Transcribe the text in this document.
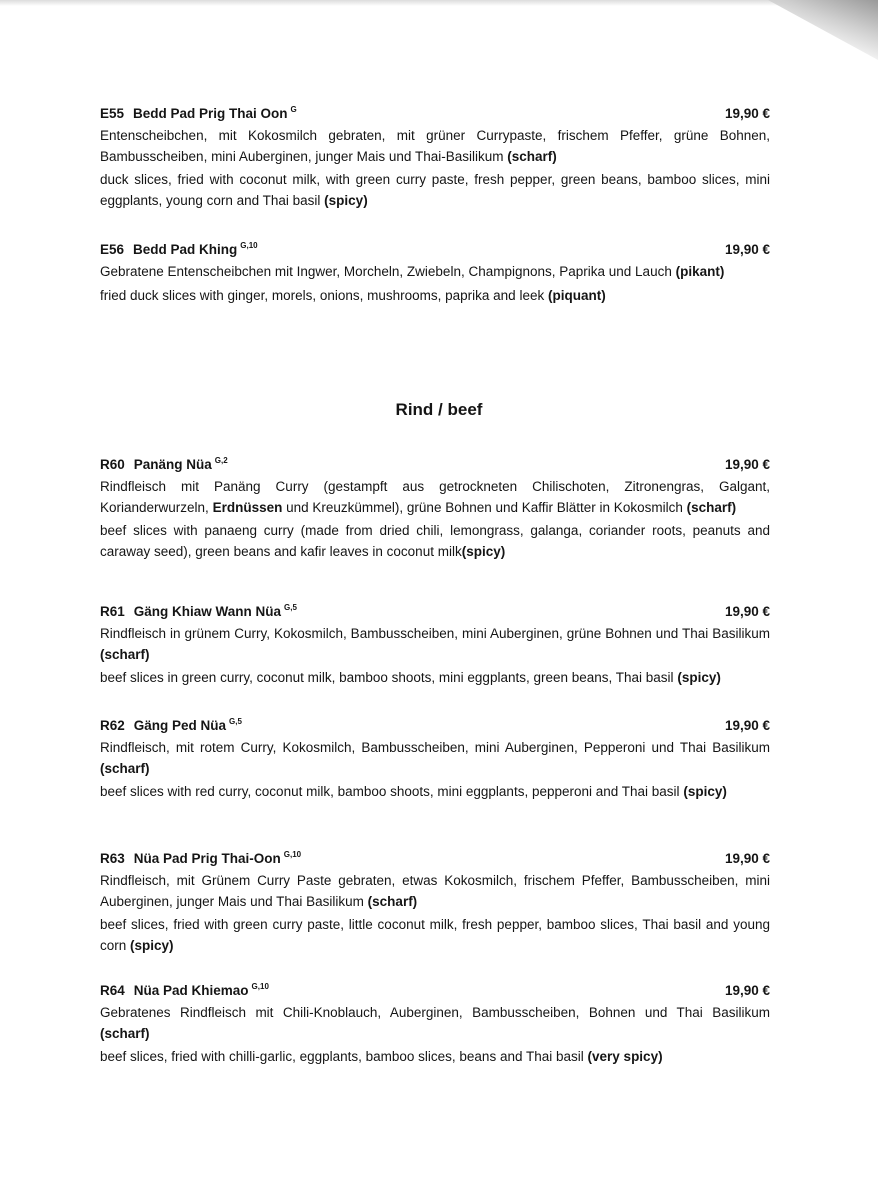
E55 Bedd Pad Prig Thai Oon $^G$	19,90 €
Entenscheibchen, mit Kokosmilch gebraten, mit grüner Currypaste, frischem Pfeffer, grüne Bohnen, Bambusscheiben, mini Auberginen, junger Mais und Thai-Basilikum (scharf)
duck slices, fried with coconut milk, with green curry paste, fresh pepper, green beans, bamboo slices, mini eggplants, young corn and Thai basil (spicy)
E56 Bedd Pad Khing $^{G,10}$	19,90 €
Gebratene Entenscheibchen mit Ingwer, Morcheln, Zwiebeln, Champignons, Paprika und Lauch (pikant)
fried duck slices with ginger, morels, onions, mushrooms, paprika and leek (piquant)
Rind / beef
R60 Panäng Nüa $^{G,2}$	19,90 €
Rindfleisch mit Panäng Curry (gestampft aus getrockneten Chilischoten, Zitronengras, Galgant, Korianderwurzeln, Erdnüssen und Kreuzkümmel), grüne Bohnen und Kaffir Blätter in Kokosmilch (scharf)
beef slices with panaeng curry (made from dried chili, lemongrass, galanga, coriander roots, peanuts and caraway seed), green beans and kafir leaves in coconut milk(spicy)
R61 Gäng Khiaw Wann Nüa $^{G,5}$	19,90 €
Rindfleisch in grünem Curry, Kokosmilch, Bambusscheiben, mini Auberginen, grüne Bohnen und Thai Basilikum (scharf)
beef slices in green curry, coconut milk, bamboo shoots, mini eggplants, green beans, Thai basil (spicy)
R62 Gäng Ped Nüa $^{G,5}$	19,90 €
Rindfleisch, mit rotem Curry, Kokosmilch, Bambusscheiben, mini Auberginen, Pepperoni und Thai Basilikum (scharf)
beef slices with red curry, coconut milk, bamboo shoots, mini eggplants, pepperoni and Thai basil (spicy)
R63 Nüa Pad Prig Thai-Oon $^{G,10}$	19,90 €
Rindfleisch, mit Grünem Curry Paste gebraten, etwas Kokosmilch, frischem Pfeffer, Bambusscheiben, mini Auberginen, junger Mais und Thai Basilikum (scharf)
beef slices, fried with green curry paste, little coconut milk, fresh pepper, bamboo slices, Thai basil and young corn (spicy)
R64 Nüa Pad Khiemao $^{G,10}$	19,90 €
Gebratenes Rindfleisch mit Chili-Knoblauch, Auberginen, Bambusscheiben, Bohnen und Thai Basilikum (scharf)
beef slices, fried with chilli-garlic, eggplants, bamboo slices, beans and Thai basil (very spicy)
